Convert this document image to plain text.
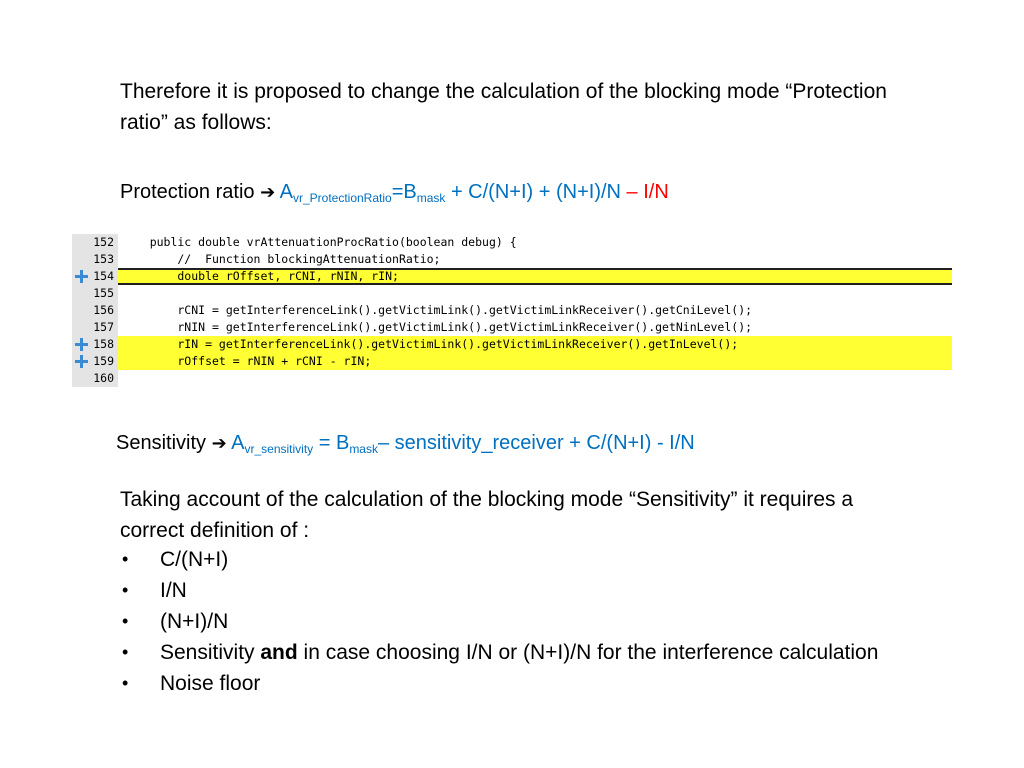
Therefore it is proposed to change the calculation of the blocking mode “Protection ratio” as follows:
Protection ratio ➔ $A_{vr\_ProtectionRatio}=B_{mask} + C/(N+I) + (N+I)/N - I/N$
152 public double vrAttenuationProcRatio(boolean debug) {
153 //  Function blockingAttenuationRatio;
154 double rOffset, rCNI, rNIN, rIN;
155
156 rCNI = getInterferenceLink().getVictimLink().getVictimLinkReceiver().getCniLevel();
157 rNIN = getInterferenceLink().getVictimLink().getVictimLinkReceiver().getNinLevel();
158 rIN = getInterferenceLink().getVictimLink().getVictimLinkReceiver().getInLevel();
159 rOffset = rNIN + rCNI - rIN;
160
Sensitivity ➔ $A_{vr\_sensitivity} = B_{mask}-$ sensitivity_receiver + C/(N+I) - I/N
Taking account of the calculation of the blocking mode “Sensitivity” it requires a correct definition of :
• C/(N+I)
• I/N
• (N+I)/N
• Sensitivity and in case choosing I/N or (N+I)/N for the interference calculation
• Noise floor
